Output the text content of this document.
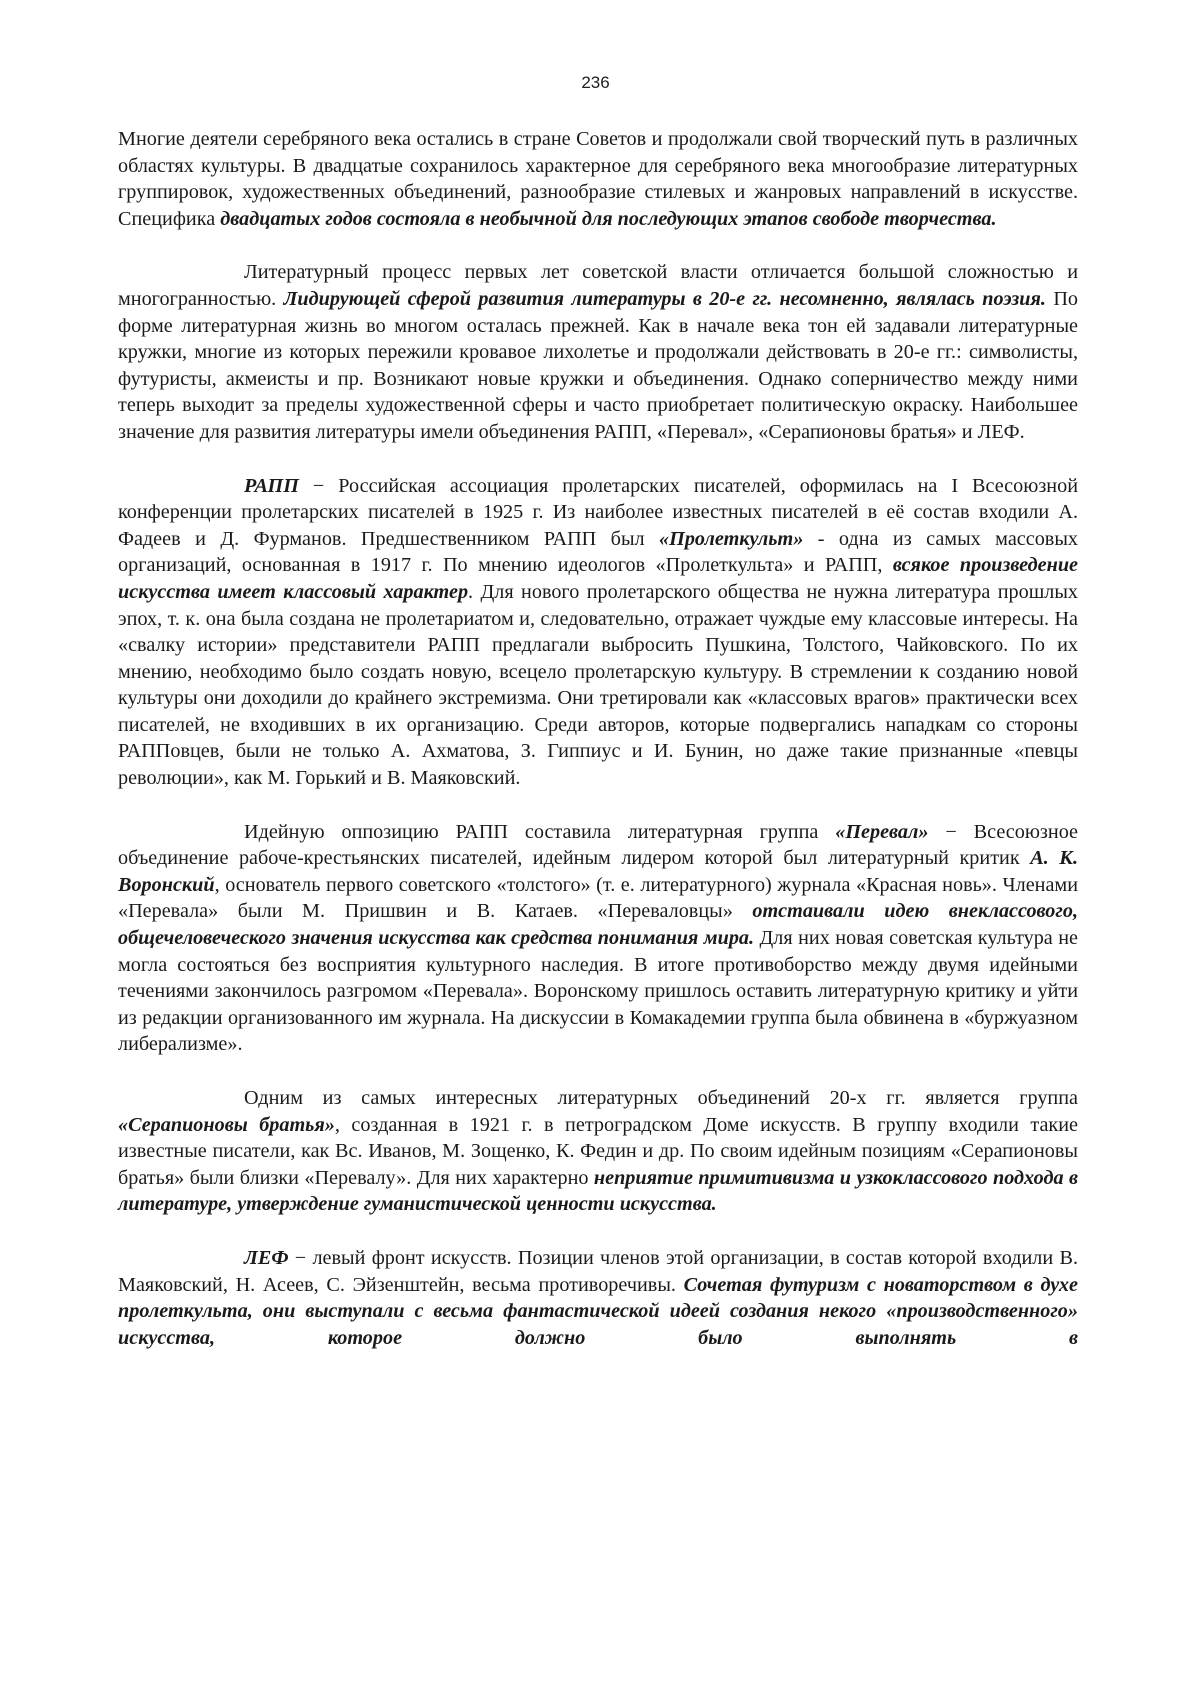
236

Многие деятели серебряного века остались в стране Советов и продолжали свой творческий путь в различных областях культуры. В двадцатые сохранилось характерное для серебряного века многообразие литературных группировок, художественных объединений, разнообразие стилевых и жанровых направлений в искусстве. Специфика двадцатых годов состояла в необычной для последующих этапов свободе творчества.

Литературный процесс первых лет советской власти отличается большой сложностью и многогранностью. Лидирующей сферой развития литературы в 20-е гг. несомненно, являлась поэзия. По форме литературная жизнь во многом осталась прежней. Как в начале века тон ей задавали литературные кружки, многие из которых пережили кровавое лихолетье и продолжали действовать в 20-е гг.: символисты, футуристы, акмеисты и пр. Возникают новые кружки и объединения. Однако соперничество между ними теперь выходит за пределы художественной сферы и часто приобретает политическую окраску. Наибольшее значение для развития литературы имели объединения РАПП, «Перевал», «Серапионовы братья» и ЛЕФ.

РАПП − Российская ассоциация пролетарских писателей, оформилась на I Всесоюзной конференции пролетарских писателей в 1925 г. Из наиболее известных писателей в её состав входили А. Фадеев и Д. Фурманов. Предшественником РАПП был «Пролеткульт» - одна из самых массовых организаций, основанная в 1917 г. По мнению идеологов «Пролеткульта» и РАПП, всякое произведение искусства имеет классовый характер. Для нового пролетарского общества не нужна литература прошлых эпох, т. к. она была создана не пролетариатом и, следовательно, отражает чуждые ему классовые интересы. На «свалку истории» представители РАПП предлагали выбросить Пушкина, Толстого, Чайковского. По их мнению, необходимо было создать новую, всецело пролетарскую культуру. В стремлении к созданию новой культуры они доходили до крайнего экстремизма. Они третировали как «классовых врагов» практически всех писателей, не входивших в их организацию. Среди авторов, которые подвергались нападкам со стороны РАППовцев, были не только А. Ахматова, З. Гиппиус и И. Бунин, но даже такие признанные «певцы революции», как М. Горький и В. Маяковский.

Идейную оппозицию РАПП составила литературная группа «Перевал» − Всесоюзное объединение рабоче-крестьянских писателей, идейным лидером которой был литературный критик А. К. Воронский, основатель первого советского «толстого» (т. е. литературного) журнала «Красная новь». Членами «Перевала» были М. Пришвин и В. Катаев. «Переваловцы» отстаивали идею внеклассового, общечеловеческого значения искусства как средства понимания мира. Для них новая советская культура не могла состояться без восприятия культурного наследия. В итоге противоборство между двумя идейными течениями закончилось разгромом «Перевала». Воронскому пришлось оставить литературную критику и уйти из редакции организованного им журнала. На дискуссии в Комакадемии группа была обвинена в «буржуазном либерализме».

Одним из самых интересных литературных объединений 20-х гг. является группа «Серапионовы братья», созданная в 1921 г. в петроградском Доме искусств. В группу входили такие известные писатели, как Вс. Иванов, М. Зощенко, К. Федин и др. По своим идейным позициям «Серапионовы братья» были близки «Перевалу». Для них характерно неприятие примитивизма и узкоклассового подхода в литературе, утверждение гуманистической ценности искусства.

ЛЕФ − левый фронт искусств. Позиции членов этой организации, в состав которой входили В. Маяковский, Н. Асеев, С. Эйзенштейн, весьма противоречивы. Сочетая футуризм с новаторством в духе пролеткульта, они выступали с весьма фантастической идеей создания некого «производственного» искусства, которое должно было выполнять в
